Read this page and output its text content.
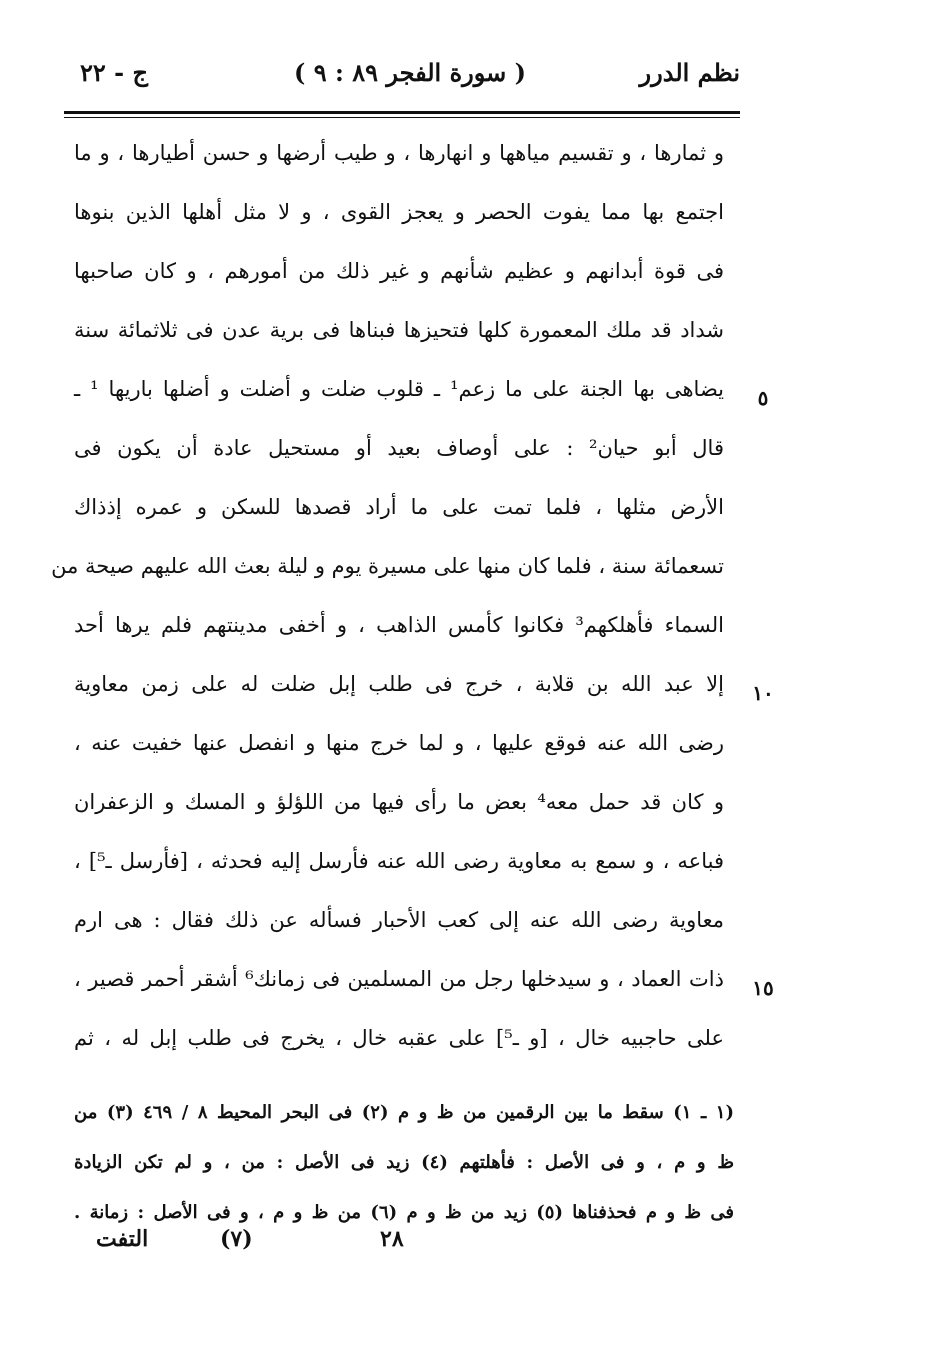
نظم الدرر
( سورة الفجر ٨٩ : ٩ )
ج - ٢٢
و ثمارها ، و تقسيم مياهها و انهارها ، و طيب أرضها و حسن أطيارها ، و ما
اجتمع بها مما يفوت الحصر و يعجز القوى ، و لا مثل أهلها الذين بنوها
فى قوة أبدانهم و عظيم شأنهم و غير ذلك من أمورهم ، و كان صاحبها
شداد قد ملك المعمورة كلها فتحيزها فبناها فى برية عدن فى ثلاثمائة سنة
يضاهى بها الجنة على ما زعم¹ ـ قلوب ضلت و أضلت و أضلها باريها ¹ ـ
قال أبو حيان² : على أوصاف بعيد أو مستحيل عادة أن يكون فى
الأرض مثلها ، فلما تمت على ما أراد قصدها للسكن و عمره إذذاك
تسعمائة سنة ، فلما كان منها على مسيرة يوم و ليلة بعث الله عليهم صيحة من
السماء فأهلكهم³ فكانوا كأمس الذاهب ، و أخفى مدينتهم فلم يرها أحد
إلا عبد الله بن قلابة ، خرج فى طلب إبل ضلت له على زمن معاوية
رضى الله عنه فوقع عليها ، و لما خرج منها و انفصل عنها خفيت عنه ،
و كان قد حمل معه⁴ بعض ما رأى فيها من اللؤلؤ و المسك و الزعفران
فباعه ، و سمع به معاوية رضى الله عنه فأرسل إليه فحدثه ، [فأرسل ـ⁵] ،
معاوية رضى الله عنه إلى كعب الأحبار فسأله عن ذلك فقال : هى ارم
ذات العماد ، و سيدخلها رجل من المسلمين فى زمانك⁶ أشقر أحمر قصير ،
على حاجبيه خال ، [و ـ⁵] على عقبه خال ، يخرج فى طلب إبل له ، ثم
٥
١٠
١٥
(١ ـ ١) سقط ما بين الرقمين من ظ و م (٢) فى البحر المحيط ٨ / ٤٦٩ (٣) من
ظ و م ، و فى الأصل : فأهلتهم (٤) زيد فى الأصل : من ، و لم تكن الزيادة
فى ظ و م فحذفناها (٥) زيد من ظ و م (٦) من ظ و م ، و فى الأصل : زمانة .
التفت	(٧)	٢٨
